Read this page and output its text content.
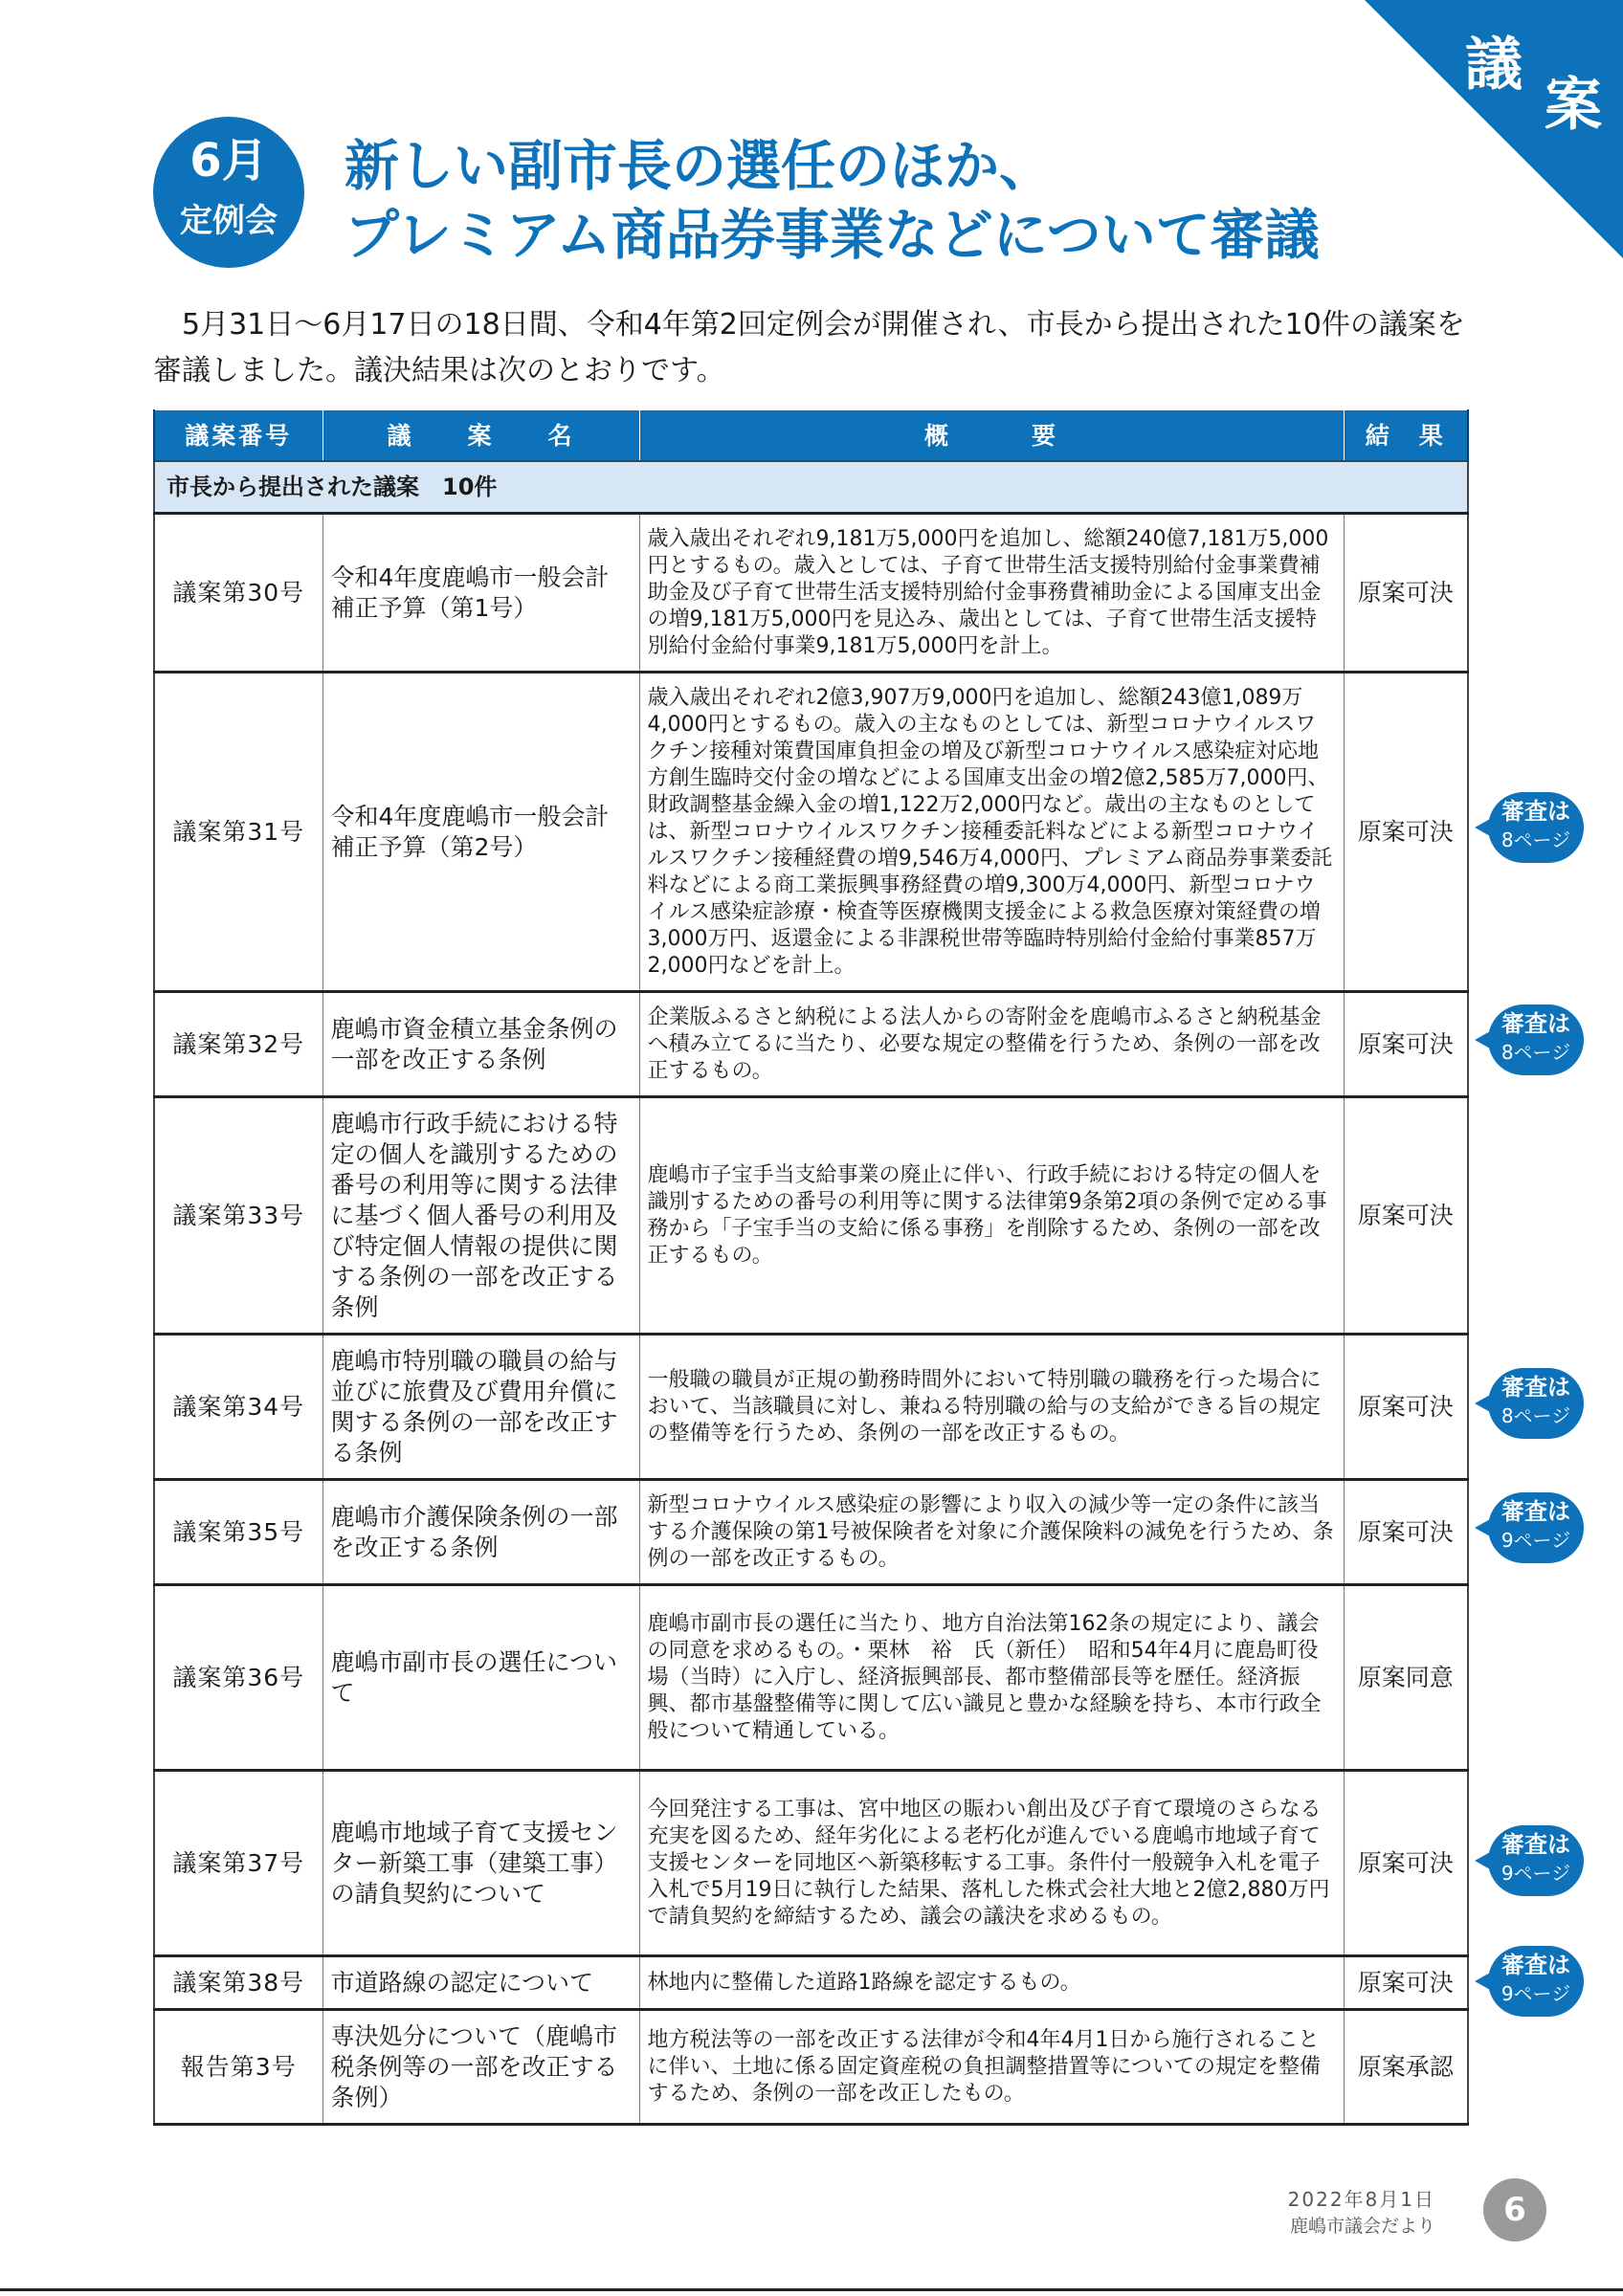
議
案
6月
定例会
新しい副市長の選任のほか、
プレミアム商品券事業などについて審議
5月31日〜6月17日の18日間、令和4年第2回定例会が開催され、市長から提出された10件の議案を審議しました。議決結果は次のとおりです。
議案番号	議　　案　　名	概　　　要	結　果
市長から提出された議案　10件			
議案第30号	令和4年度鹿嶋市一般会計補正予算（第1号）	歳入歳出それぞれ9,181万5,000円を追加し、総額240億7,181万5,000円とするもの。歳入としては、子育て世帯生活支援特別給付金事業費補助金及び子育て世帯生活支援特別給付金事務費補助金による国庫支出金の増9,181万5,000円を見込み、歳出としては、子育て世帯生活支援特別給付金給付事業9,181万5,000円を計上。	原案可決
議案第31号	令和4年度鹿嶋市一般会計補正予算（第2号）	歳入歳出それぞれ2億3,907万9,000円を追加し、総額243億1,089万4,000円とするもの。歳入の主なものとしては、新型コロナウイルスワクチン接種対策費国庫負担金の増及び新型コロナウイルス感染症対応地方創生臨時交付金の増などによる国庫支出金の増2億2,585万7,000円、財政調整基金繰入金の増1,122万2,000円など。歳出の主なものとしては、新型コロナウイルスワクチン接種委託料などによる新型コロナウイルスワクチン接種経費の増9,546万4,000円、プレミアム商品券事業委託料などによる商工業振興事務経費の増9,300万4,000円、新型コロナウイルス感染症診療・検査等医療機関支援金による救急医療対策経費の増3,000万円、返還金による非課税世帯等臨時特別給付金給付事業857万2,000円などを計上。	原案可決
議案第32号	鹿嶋市資金積立基金条例の一部を改正する条例	企業版ふるさと納税による法人からの寄附金を鹿嶋市ふるさと納税基金へ積み立てるに当たり、必要な規定の整備を行うため、条例の一部を改正するもの。	原案可決
議案第33号	鹿嶋市行政手続における特定の個人を識別するための番号の利用等に関する法律に基づく個人番号の利用及び特定個人情報の提供に関する条例の一部を改正する条例	鹿嶋市子宝手当支給事業の廃止に伴い、行政手続における特定の個人を識別するための番号の利用等に関する法律第9条第2項の条例で定める事務から「子宝手当の支給に係る事務」を削除するため、条例の一部を改正するもの。	原案可決
議案第34号	鹿嶋市特別職の職員の給与並びに旅費及び費用弁償に関する条例の一部を改正する条例	一般職の職員が正規の勤務時間外において特別職の職務を行った場合において、当該職員に対し、兼ねる特別職の給与の支給ができる旨の規定の整備等を行うため、条例の一部を改正するもの。	原案可決
議案第35号	鹿嶋市介護保険条例の一部を改正する条例	新型コロナウイルス感染症の影響により収入の減少等一定の条件に該当する介護保険の第1号被保険者を対象に介護保険料の減免を行うため、条例の一部を改正するもの。	原案可決
議案第36号	鹿嶋市副市長の選任について	鹿嶋市副市長の選任に当たり、地方自治法第162条の規定により、議会の同意を求めるもの。・栗林　裕　氏（新任）　昭和54年4月に鹿島町役場（当時）に入庁し、経済振興部長、都市整備部長等を歴任。経済振興、都市基盤整備等に関して広い識見と豊かな経験を持ち、本市行政全般について精通している。	原案同意
議案第37号	鹿嶋市地域子育て支援センター新築工事（建築工事）の請負契約について	今回発注する工事は、宮中地区の賑わい創出及び子育て環境のさらなる充実を図るため、経年劣化による老朽化が進んでいる鹿嶋市地域子育て支援センターを同地区へ新築移転する工事。条件付一般競争入札を電子入札で5月19日に執行した結果、落札した株式会社大地と2億2,880万円で請負契約を締結するため、議会の議決を求めるもの。	原案可決
議案第38号	市道路線の認定について	林地内に整備した道路1路線を認定するもの。	原案可決
報告第3号	専決処分について（鹿嶋市税条例等の一部を改正する条例）	地方税法等の一部を改正する法律が令和4年4月1日から施行されることに伴い、土地に係る固定資産税の負担調整措置等についての規定を整備するため、条例の一部を改正したもの。	原案承認
審査は
8ページ
審査は
8ページ
審査は
8ページ
審査は
9ページ
審査は
9ページ
審査は
9ページ
2022年8月1日
鹿嶋市議会だより	6
